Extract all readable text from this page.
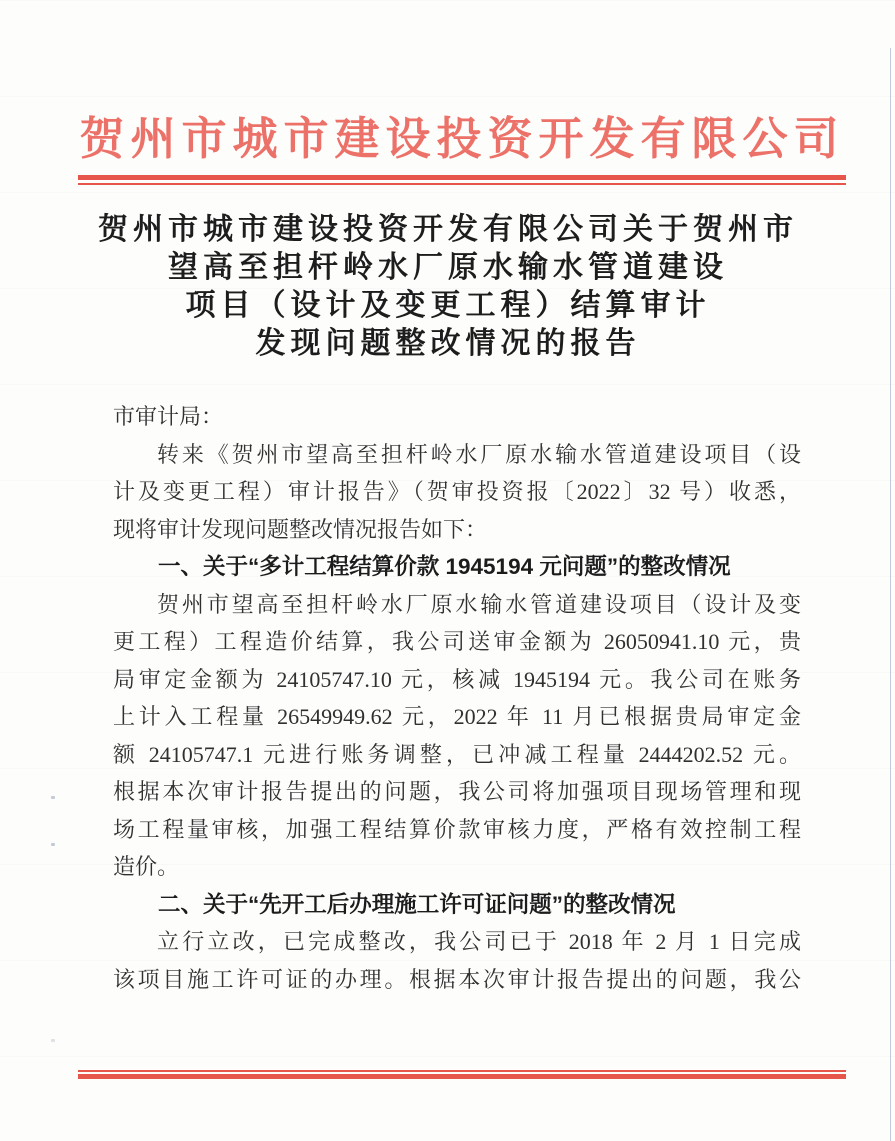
贺州市城市建设投资开发有限公司
贺州市城市建设投资开发有限公司关于贺州市
望高至担杆岭水厂原水输水管道建设
项目（设计及变更工程）结算审计
发现问题整改情况的报告
市审计局：
转来《贺州市望高至担杆岭水厂原水输水管道建设项目（设
计及变更工程）审计报告》（贺审投资报〔2022〕32 号）收悉，
现将审计发现问题整改情况报告如下：
一、关于“多计工程结算价款 1945194 元问题”的整改情况
贺州市望高至担杆岭水厂原水输水管道建设项目（设计及变
更工程）工程造价结算，我公司送审金额为 26050941.10 元，贵
局审定金额为 24105747.10 元，核减 1945194 元。我公司在账务
上计入工程量 26549949.62 元，2022 年 11 月已根据贵局审定金
额 24105747.1 元进行账务调整，已冲减工程量 2444202.52 元。
根据本次审计报告提出的问题，我公司将加强项目现场管理和现
场工程量审核，加强工程结算价款审核力度，严格有效控制工程
造价。
二、关于“先开工后办理施工许可证问题”的整改情况
立行立改，已完成整改，我公司已于 2018 年 2 月 1 日完成
该项目施工许可证的办理。根据本次审计报告提出的问题，我公
